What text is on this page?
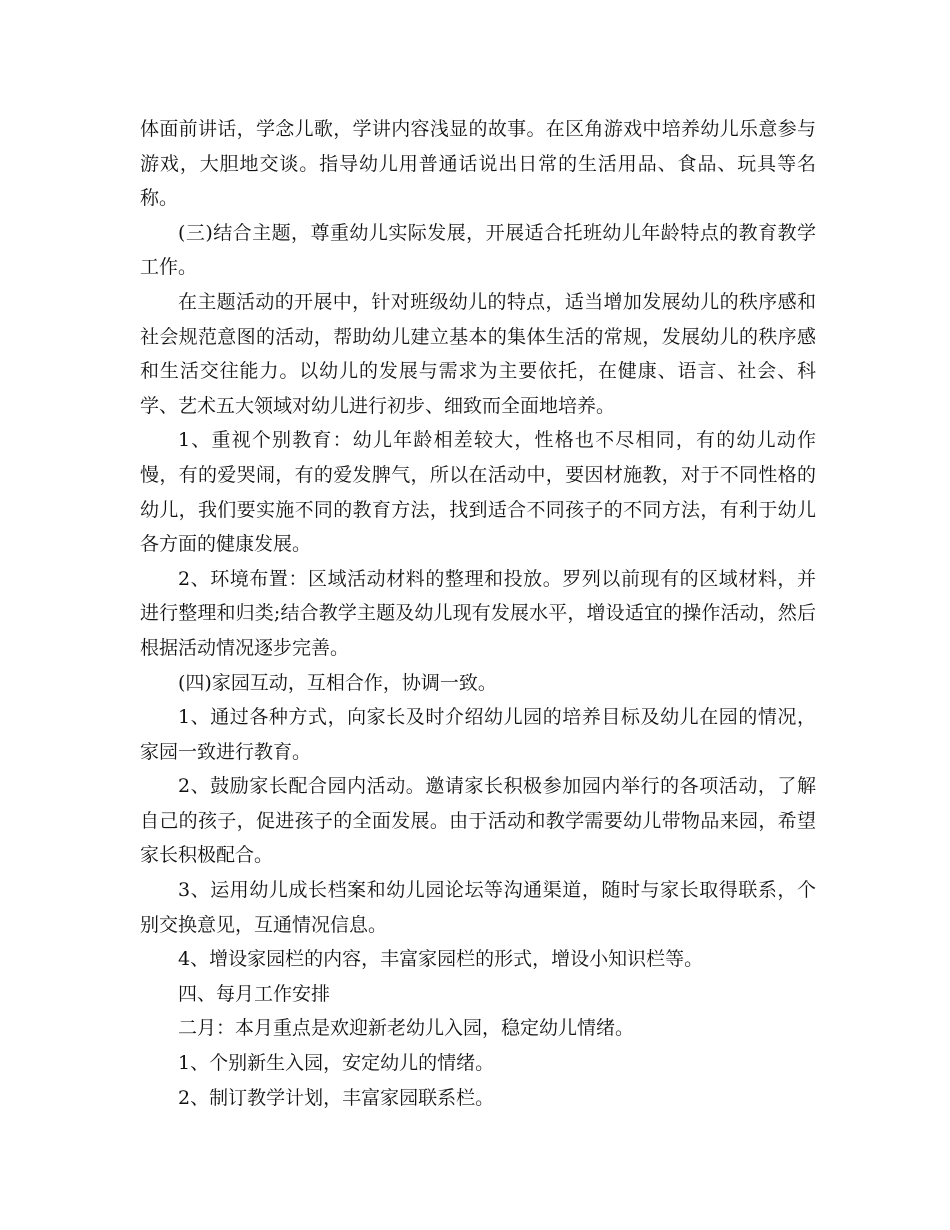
体面前讲话，学念儿歌，学讲内容浅显的故事。在区角游戏中培养幼儿乐意参与游戏，大胆地交谈。指导幼儿用普通话说出日常的生活用品、食品、玩具等名称。

(三)结合主题，尊重幼儿实际发展，开展适合托班幼儿年龄特点的教育教学工作。

在主题活动的开展中，针对班级幼儿的特点，适当增加发展幼儿的秩序感和社会规范意图的活动，帮助幼儿建立基本的集体生活的常规，发展幼儿的秩序感和生活交往能力。以幼儿的发展与需求为主要依托，在健康、语言、社会、科学、艺术五大领域对幼儿进行初步、细致而全面地培养。

1、重视个别教育：幼儿年龄相差较大，性格也不尽相同，有的幼儿动作慢，有的爱哭闹，有的爱发脾气，所以在活动中，要因材施教，对于不同性格的幼儿，我们要实施不同的教育方法，找到适合不同孩子的不同方法，有利于幼儿各方面的健康发展。

2、环境布置：区域活动材料的整理和投放。罗列以前现有的区域材料，并进行整理和归类;结合教学主题及幼儿现有发展水平，增设适宜的操作活动，然后根据活动情况逐步完善。

(四)家园互动，互相合作，协调一致。

1、通过各种方式，向家长及时介绍幼儿园的培养目标及幼儿在园的情况，家园一致进行教育。

2、鼓励家长配合园内活动。邀请家长积极参加园内举行的各项活动，了解自己的孩子，促进孩子的全面发展。由于活动和教学需要幼儿带物品来园，希望家长积极配合。

3、运用幼儿成长档案和幼儿园论坛等沟通渠道，随时与家长取得联系，个别交换意见，互通情况信息。

4、增设家园栏的内容，丰富家园栏的形式，增设小知识栏等。

四、每月工作安排

二月：本月重点是欢迎新老幼儿入园，稳定幼儿情绪。

1、个别新生入园，安定幼儿的情绪。

2、制订教学计划，丰富家园联系栏。
